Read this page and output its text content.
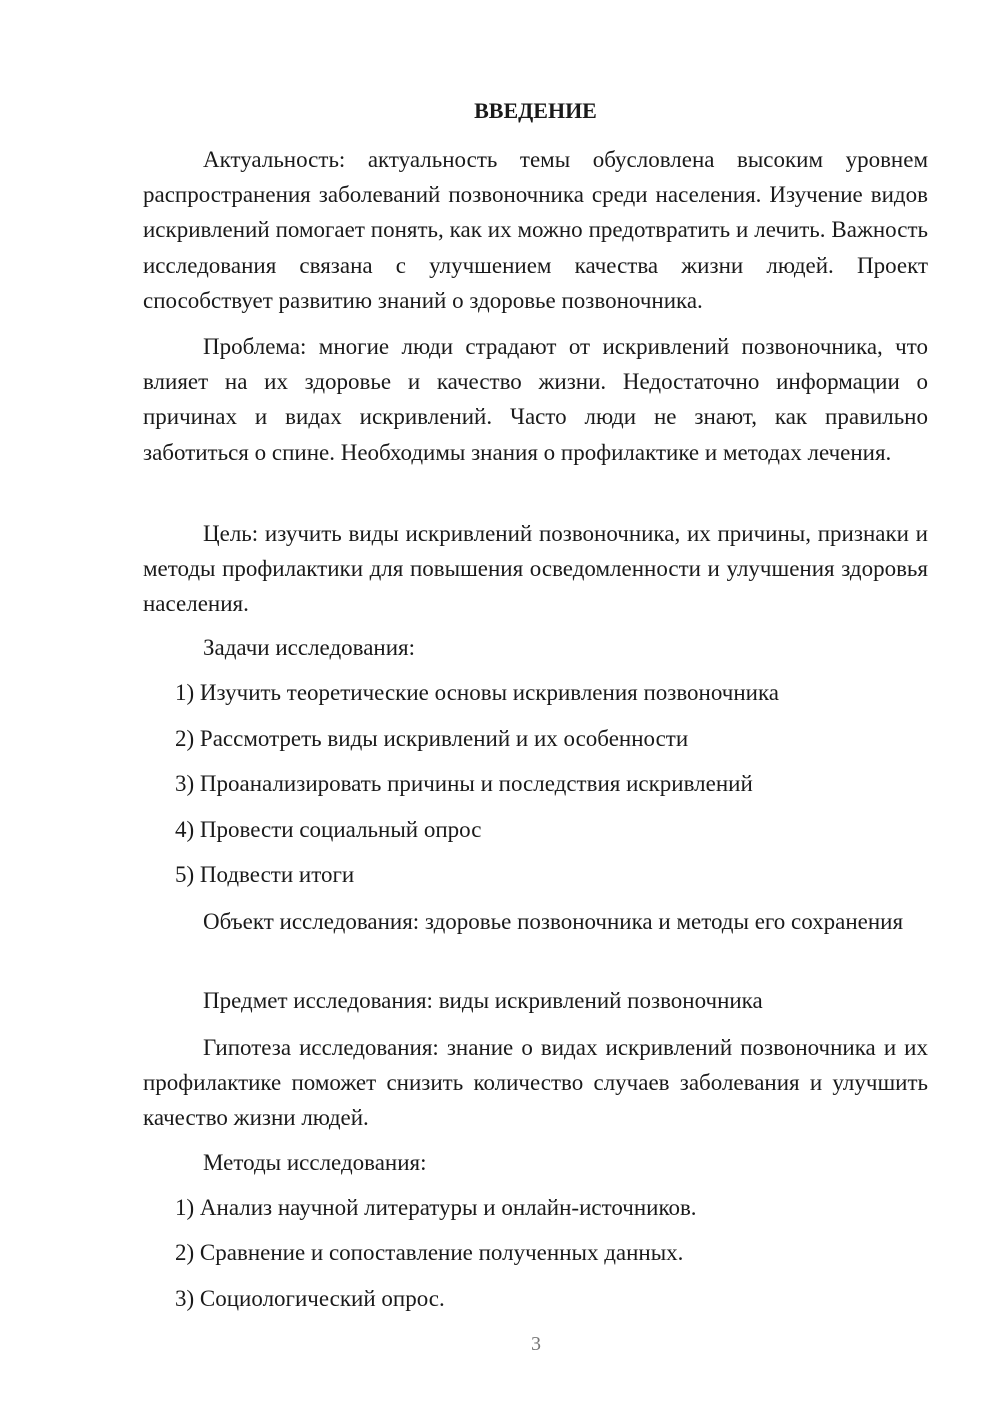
ВВЕДЕНИЕ

Актуальность: актуальность темы обусловлена высоким уровнем распространения заболеваний позвоночника среди населения. Изучение видов искривлений помогает понять, как их можно предотвратить и лечить. Важность исследования связана с улучшением качества жизни людей. Проект способствует развитию знаний о здоровье позвоночника.

Проблема: многие люди страдают от искривлений позвоночника, что влияет на их здоровье и качество жизни. Недостаточно информации о причинах и видах искривлений. Часто люди не знают, как правильно заботиться о спине. Необходимы знания о профилактике и методах лечения.

Цель: изучить виды искривлений позвоночника, их причины, признаки и методы профилактики для повышения осведомленности и улучшения здоровья населения.

Задачи исследования:

1) Изучить теоретические основы искривления позвоночника

2) Рассмотреть виды искривлений и их особенности

3) Проанализировать причины и последствия искривлений

4) Провести социальный опрос

5) Подвести итоги

Объект исследования: здоровье позвоночника и методы его сохранения

Предмет исследования: виды искривлений позвоночника

Гипотеза исследования: знание о видах искривлений позвоночника и их профилактике поможет снизить количество случаев заболевания и улучшить качество жизни людей.

Методы исследования:

1) Анализ научной литературы и онлайн-источников.

2) Сравнение и сопоставление полученных данных.

3) Социологический опрос.

3
